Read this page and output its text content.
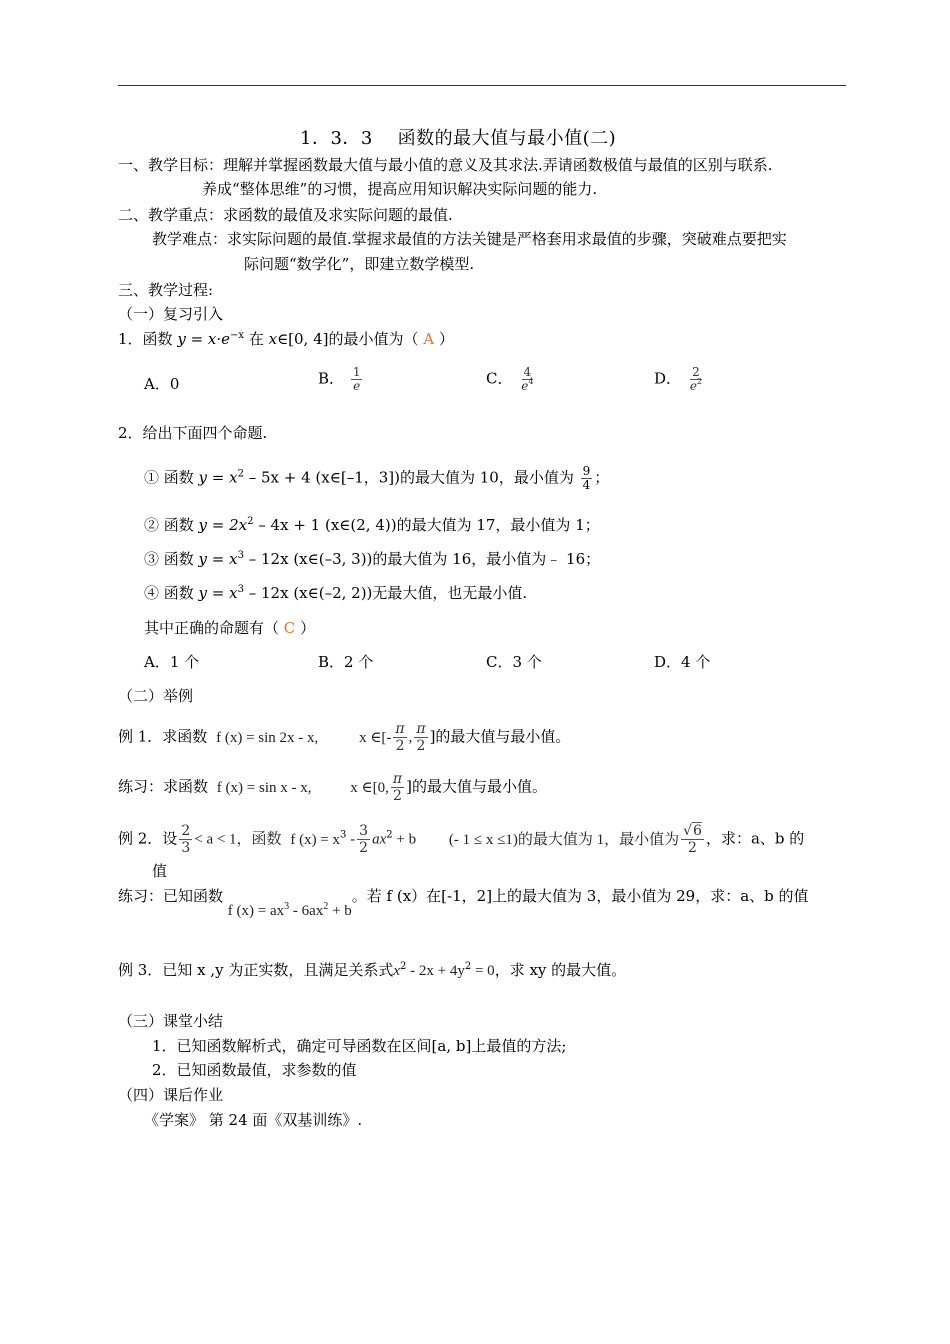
1．3．3　 函数的最大值与最小值(二)
一、教学目标：理解并掌握函数最大值与最小值的意义及其求法.弄请函数极值与最值的区别与联系.
养成“整体思维”的习惯，提高应用知识解决实际问题的能力.
二、教学重点：求函数的最值及求实际问题的最值.
教学难点：求实际问题的最值.掌握求最值的方法关键是严格套用求最值的步骤，突破难点要把实
际问题“数学化”，即建立数学模型.
三、教学过程:
（一）复习引入
1．函数 $y = x\cdot e^{-x}$ 在 x∈[0, 4]的最小值为（ A ）
A．0	B． $\frac{1}{e}$	C． $\frac{4}{e^4}$	D． $\frac{2}{e^2}$
2．给出下面四个命题.
① 函数 $y = x^2 - 5x + 4$ (x∈[–1，3])的最大值为 10，最小值为 $\frac{9}{4}$ ；
② 函数 $y = 2x^2 - 4x + 1$ (x∈(2, 4))的最大值为 17，最小值为 1；
③ 函数 $y = x^3 - 12x$ (x∈(–3, 3))的最大值为 16，最小值为﹣ 16；
④ 函数 $y = x^3 - 12x$ (x∈(–2, 2))无最大值，也无最小值.
其中正确的命题有（ C ）
A．1 个	B．2 个	C．3 个	D．4 个
（二）举例
例 1．求函数 f (x) = sin 2x - x,	x ∈[- $\frac{\pi}{2}$ , $\frac{\pi}{2}$ ]的最大值与最小值。
练习：求函数 f (x) = sin x - x,	x ∈[0, $\frac{\pi}{2}$ ]的最大值与最小值。
例 2．设 $\frac{2}{3} < a < 1$，函数 f $(x) = x^3 - \frac{3}{2} ax^2 + b$ (- 1 ≤ x ≤1)的最大值为 1，最小值为 $\frac{√6}{2}$ ，求：a、b 的
值
练习：已知函数 f $(x) = ax^3 - 6ax^2 + b$。若 f (x）在[-1，2]上的最大值为 3，最小值为 29，求：a、b 的值
例 3．已知 x ,y 为正实数，且满足关系式$x^2 - 2x + 4y^2 = 0$，求 xy 的最大值。
（三）课堂小结
1．已知函数解析式，确定可导函数在区间[a, b]上最值的方法;
2．已知函数最值，求参数的值
（四）课后作业
《学案》 第 24 面《双基训练》.
